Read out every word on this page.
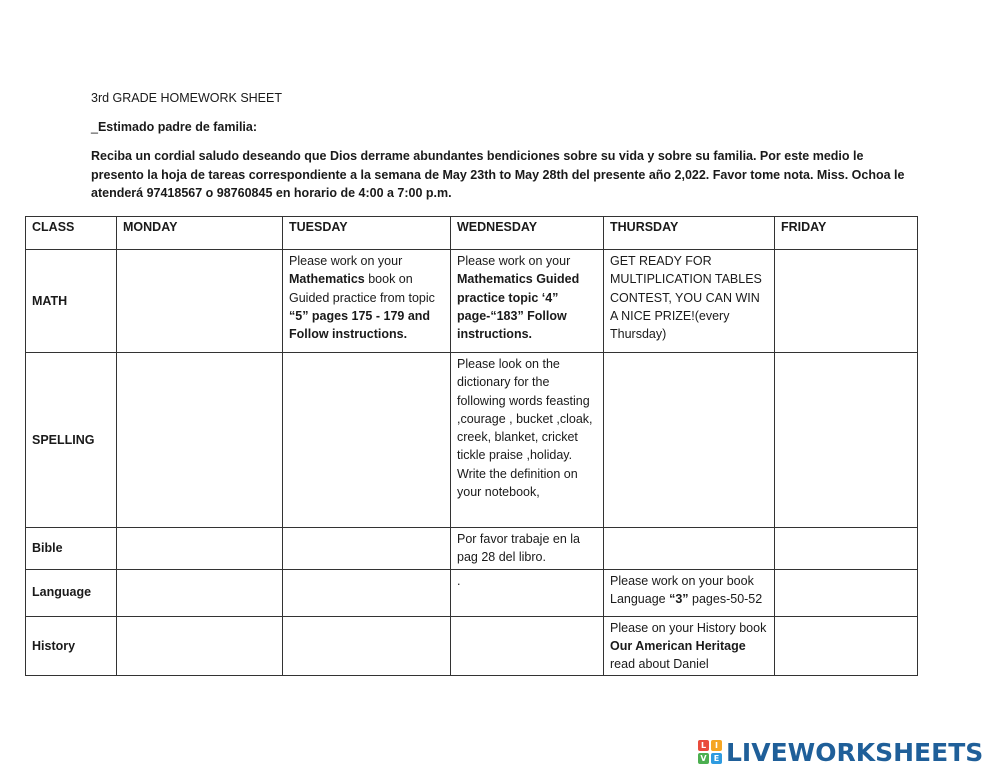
3rd GRADE HOMEWORK SHEET
_Estimado padre de familia:

Reciba un cordial saludo deseando que Dios derrame abundantes bendiciones sobre su vida y sobre su familia. Por este medio le presento la hoja de tareas correspondiente a la semana de May 23th to May 28th del presente año 2,022. Favor tome nota. Miss. Ochoa le atenderá 97418567 o 98760845 en horario de 4:00 a 7:00 p.m.

CLASS	MONDAY	TUESDAY	WEDNESDAY	THURSDAY	FRIDAY
MATH		Please work on your Mathematics book on Guided practice from topic “5” pages 175 - 179 and Follow instructions.	Please work on your Mathematics Guided practice topic ‘4” page-“183” Follow instructions.	GET READY FOR MULTIPLICATION TABLES CONTEST, YOU CAN WIN A NICE PRIZE!(every Thursday)	
SPELLING			Please look on the dictionary for the following words feasting ,courage , bucket ,cloak, creek, blanket, cricket tickle praise ,holiday. Write the definition on your notebook,		
Bible			Por favor trabaje en la pag 28 del libro.		
Language			.	Please work on your book Language “3” pages-50-52	
History				Please on your History book Our American Heritage read about Daniel	
L	I
V E LIVEWORKSHEETS
